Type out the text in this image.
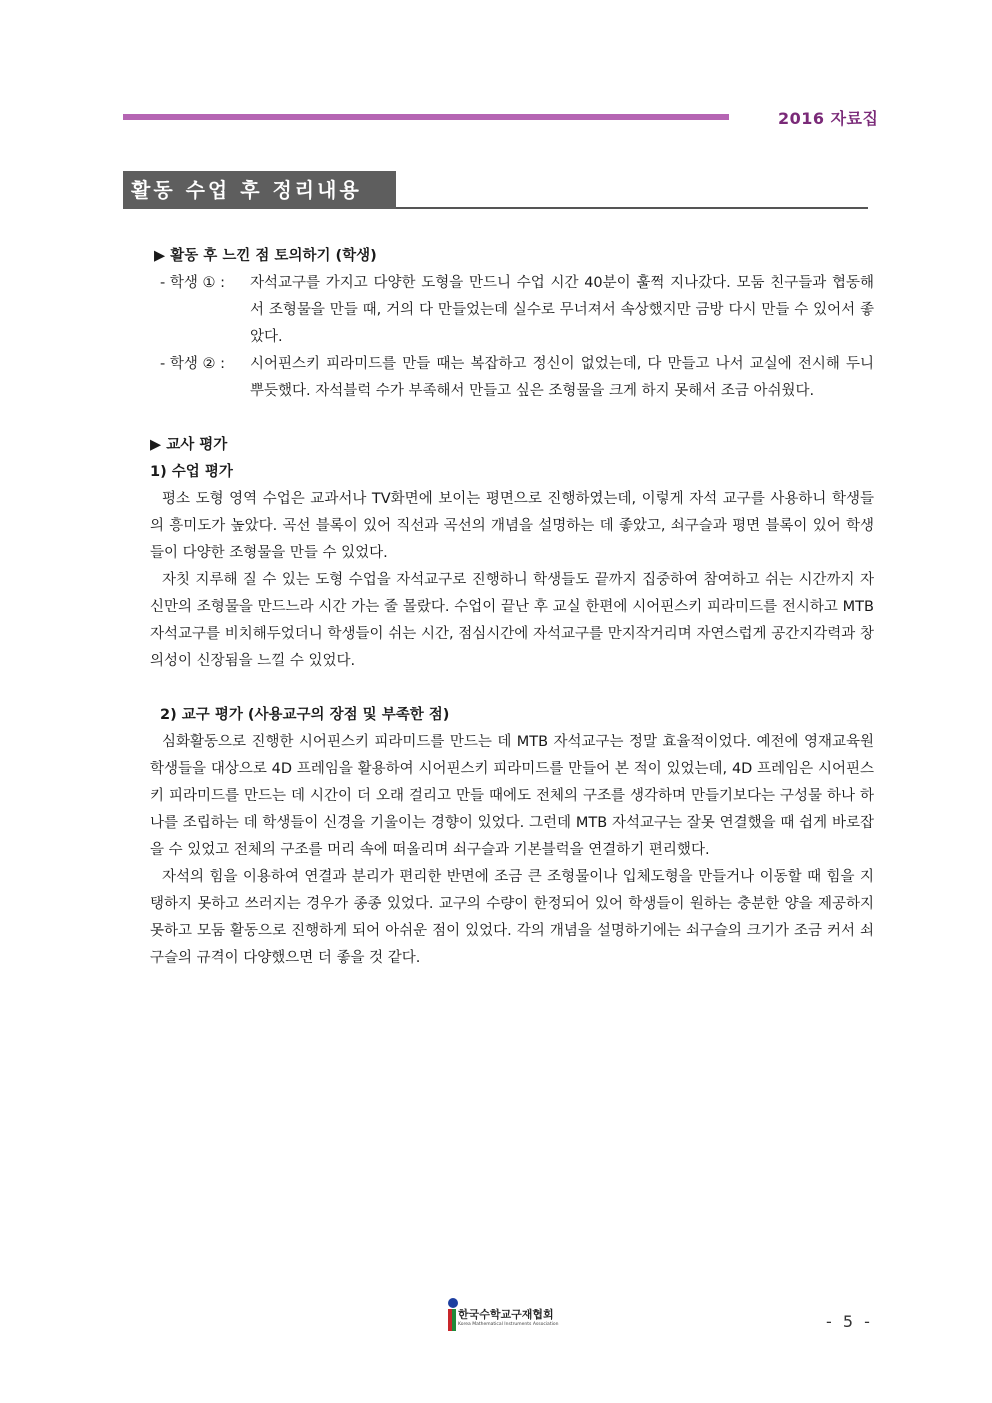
2016 자료집
활동 수업 후 정리내용
▶ 활동 후 느낀 점 토의하기 (학생)
- 학생 ① :	자석교구를 가지고 다양한 도형을 만드니 수업 시간 40분이 훌쩍 지나갔다. 모둠 친구들과 협동해서 조형물을 만들 때, 거의 다 만들었는데 실수로 무너져서 속상했지만 금방 다시 만들 수 있어서 좋았다.
- 학생 ② :	시어핀스키 피라미드를 만들 때는 복잡하고 정신이 없었는데, 다 만들고 나서 교실에 전시해 두니 뿌듯했다. 자석블럭 수가 부족해서 만들고 싶은 조형물을 크게 하지 못해서 조금 아쉬웠다.
▶ 교사 평가
1) 수업 평가

평소 도형 영역 수업은 교과서나 TV화면에 보이는 평면으로 진행하였는데, 이렇게 자석 교구를 사용하니 학생들의 흥미도가 높았다. 곡선 블록이 있어 직선과 곡선의 개념을 설명하는 데 좋았고, 쇠구슬과 평면 블록이 있어 학생들이 다양한 조형물을 만들 수 있었다.

자칫 지루해 질 수 있는 도형 수업을 자석교구로 진행하니 학생들도 끝까지 집중하여 참여하고 쉬는 시간까지 자신만의 조형물을 만드느라 시간 가는 줄 몰랐다. 수업이 끝난 후 교실 한편에 시어핀스키 피라미드를 전시하고 MTB 자석교구를 비치해두었더니 학생들이 쉬는 시간, 점심시간에 자석교구를 만지작거리며 자연스럽게 공간지각력과 창의성이 신장됨을 느낄 수 있었다.

2) 교구 평가 (사용교구의 장점 및 부족한 점)

심화활동으로 진행한 시어핀스키 피라미드를 만드는 데 MTB 자석교구는 정말 효율적이었다. 예전에 영재교육원 학생들을 대상으로 4D 프레임을 활용하여 시어핀스키 피라미드를 만들어 본 적이 있었는데, 4D 프레임은 시어핀스키 피라미드를 만드는 데 시간이 더 오래 걸리고 만들 때에도 전체의 구조를 생각하며 만들기보다는 구성물 하나 하나를 조립하는 데 학생들이 신경을 기울이는 경향이 있었다. 그런데 MTB 자석교구는 잘못 연결했을 때 쉽게 바로잡을 수 있었고 전체의 구조를 머리 속에 떠올리며 쇠구슬과 기본블럭을 연결하기 편리했다.

자석의 힘을 이용하여 연결과 분리가 편리한 반면에 조금 큰 조형물이나 입체도형을 만들거나 이동할 때 힘을 지탱하지 못하고 쓰러지는 경우가 종종 있었다. 교구의 수량이 한정되어 있어 학생들이 원하는 충분한 양을 제공하지 못하고 모둠 활동으로 진행하게 되어 아쉬운 점이 있었다. 각의 개념을 설명하기에는 쇠구슬의 크기가 조금 커서 쇠구슬의 규격이 다양했으면 더 좋을 것 같다.

한국수학교구재협회
Korea Mathematical Instruments Association	- 5 -
